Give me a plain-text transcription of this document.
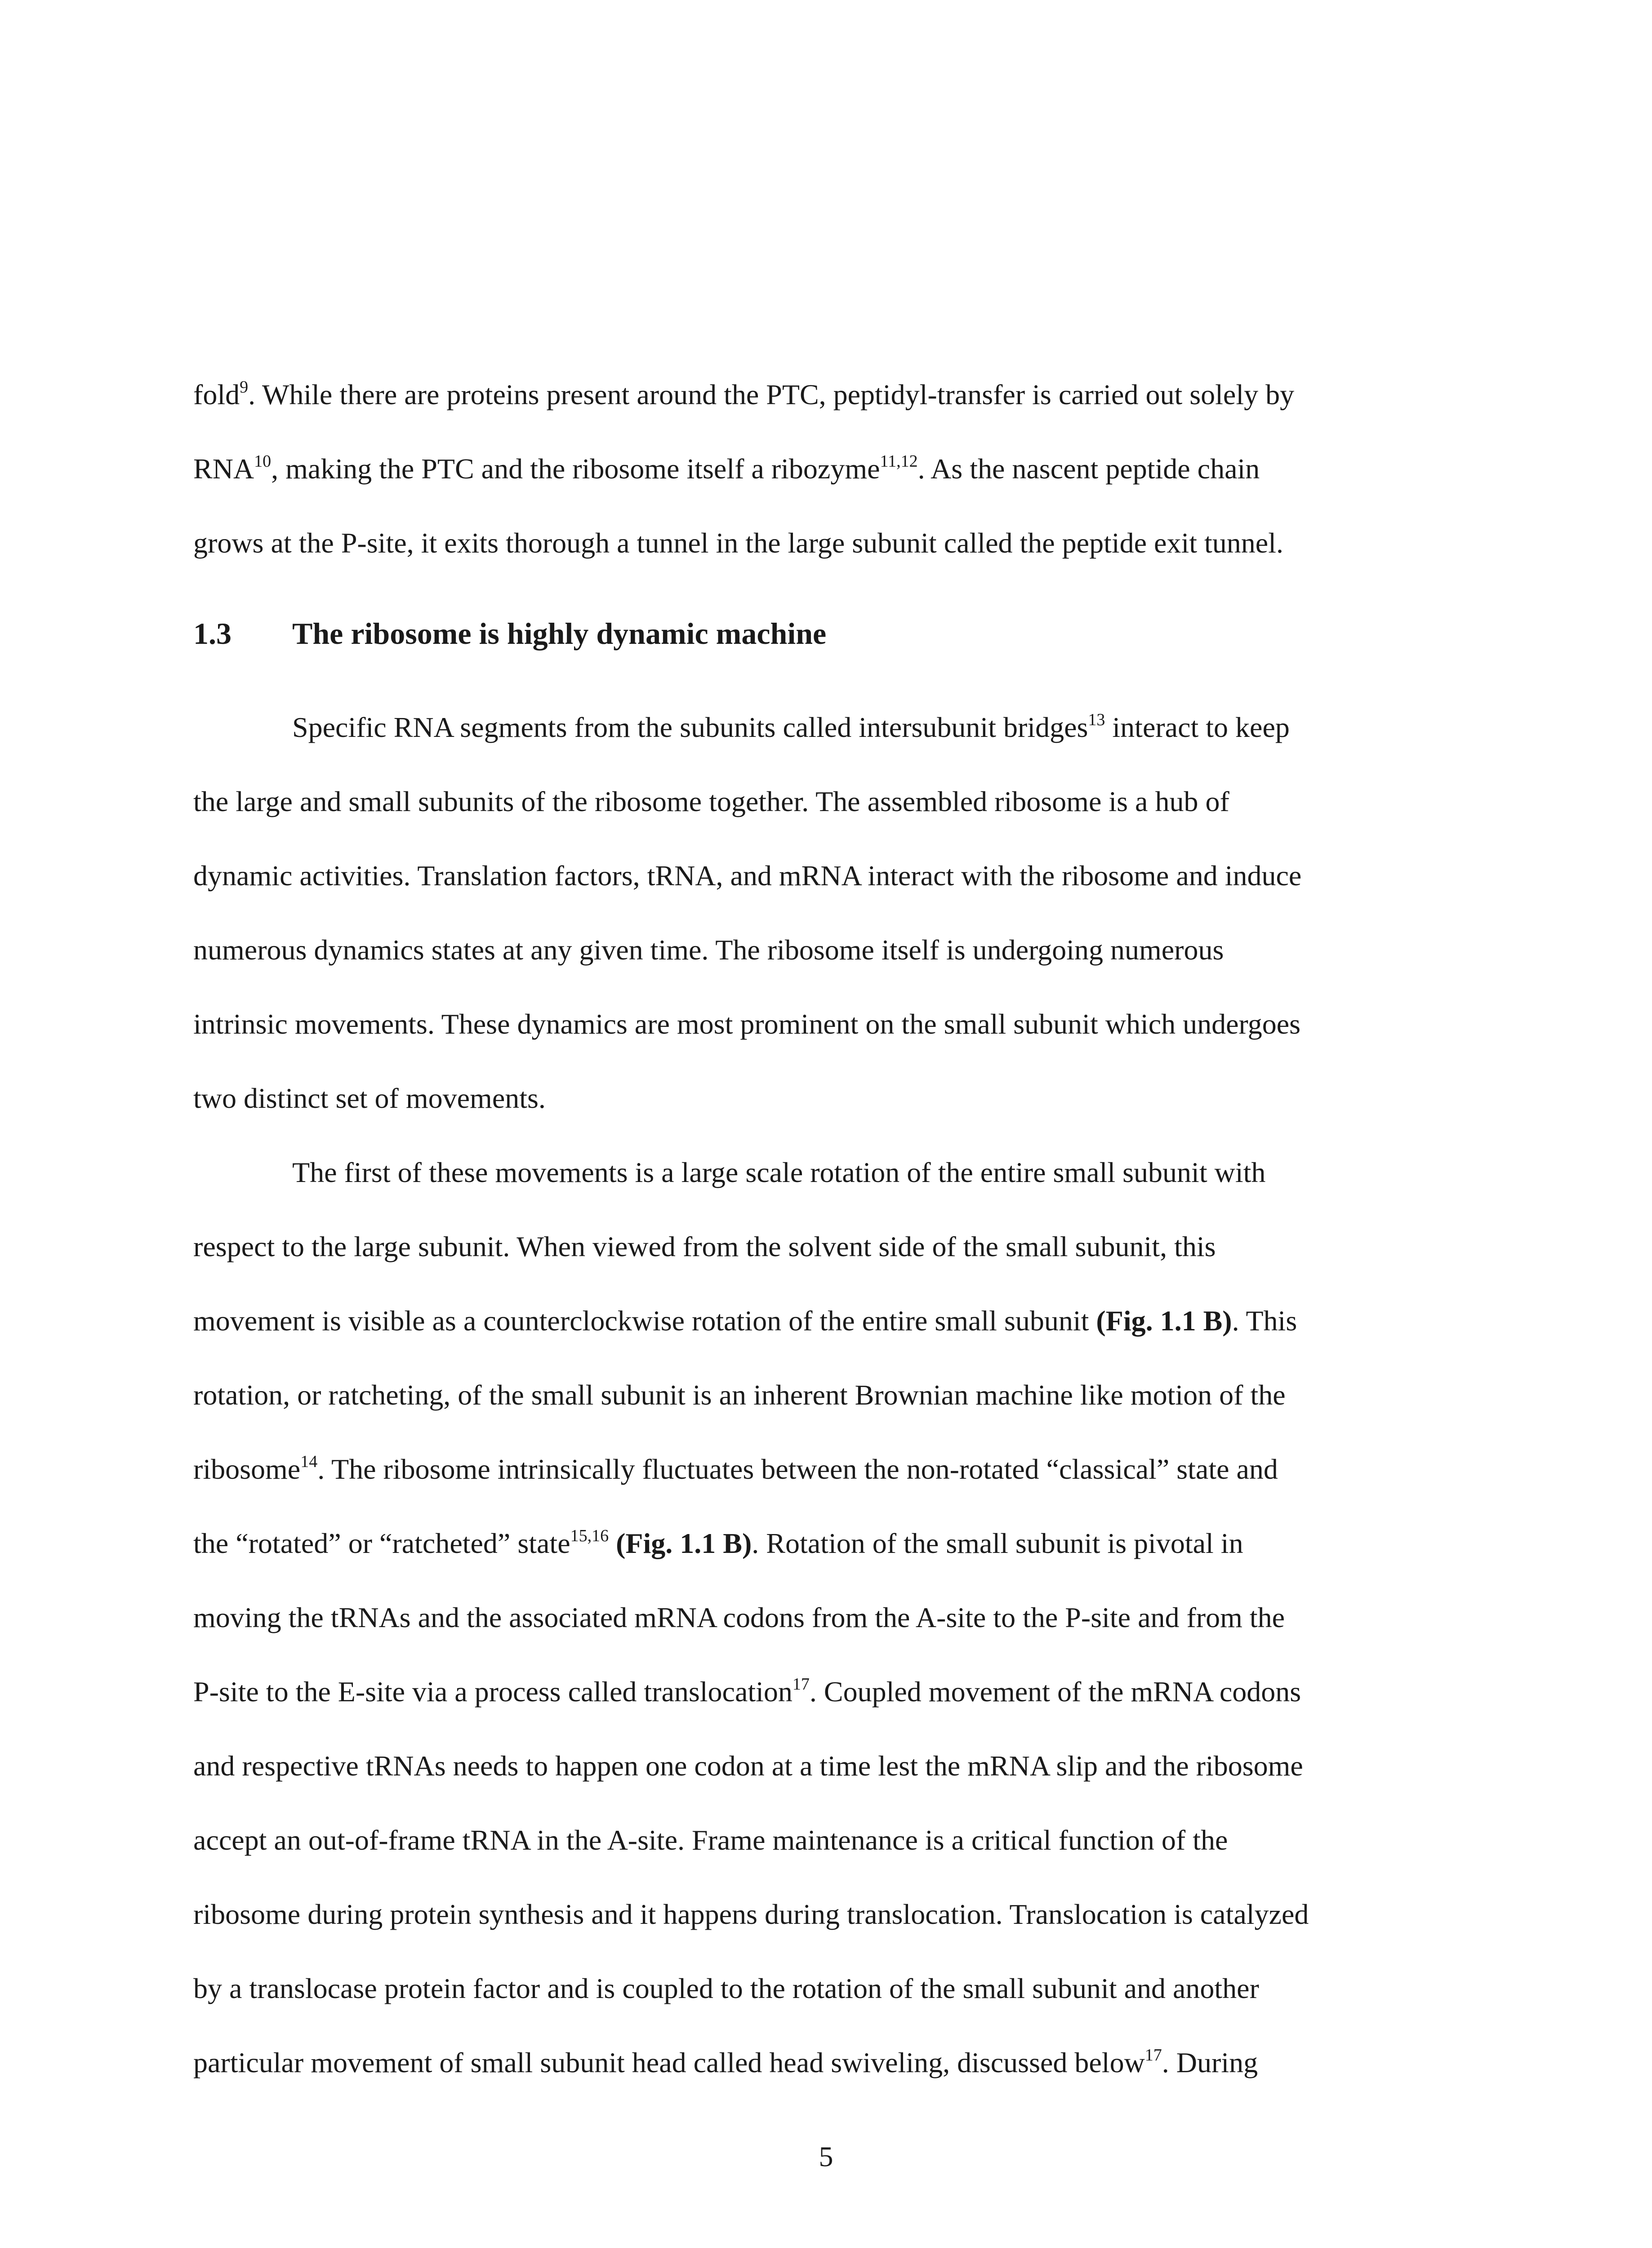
fold$^9$. While there are proteins present around the PTC, peptidyl-transfer is carried out solely by
RNA$^{10}$, making the PTC and the ribosome itself a ribozyme$^{11,12}$. As the nascent peptide chain
grows at the P-site, it exits thorough a tunnel in the large subunit called the peptide exit tunnel.
1.3 The ribosome is highly dynamic machine
Specific RNA segments from the subunits called intersubunit bridges$^{13}$ interact to keep
the large and small subunits of the ribosome together. The assembled ribosome is a hub of
dynamic activities. Translation factors, tRNA, and mRNA interact with the ribosome and induce
numerous dynamics states at any given time. The ribosome itself is undergoing numerous
intrinsic movements. These dynamics are most prominent on the small subunit which undergoes
two distinct set of movements.
The first of these movements is a large scale rotation of the entire small subunit with
respect to the large subunit. When viewed from the solvent side of the small subunit, this
movement is visible as a counterclockwise rotation of the entire small subunit (Fig. 1.1 B). This
rotation, or ratcheting, of the small subunit is an inherent Brownian machine like motion of the
ribosome$^{14}$. The ribosome intrinsically fluctuates between the non-rotated “classical” state and
the “rotated” or “ratcheted” state$^{15,16}$ (Fig. 1.1 B). Rotation of the small subunit is pivotal in
moving the tRNAs and the associated mRNA codons from the A-site to the P-site and from the
P-site to the E-site via a process called translocation$^{17}$. Coupled movement of the mRNA codons
and respective tRNAs needs to happen one codon at a time lest the mRNA slip and the ribosome
accept an out-of-frame tRNA in the A-site. Frame maintenance is a critical function of the
ribosome during protein synthesis and it happens during translocation. Translocation is catalyzed
by a translocase protein factor and is coupled to the rotation of the small subunit and another
particular movement of small subunit head called head swiveling, discussed below$^{17}$. During
5
